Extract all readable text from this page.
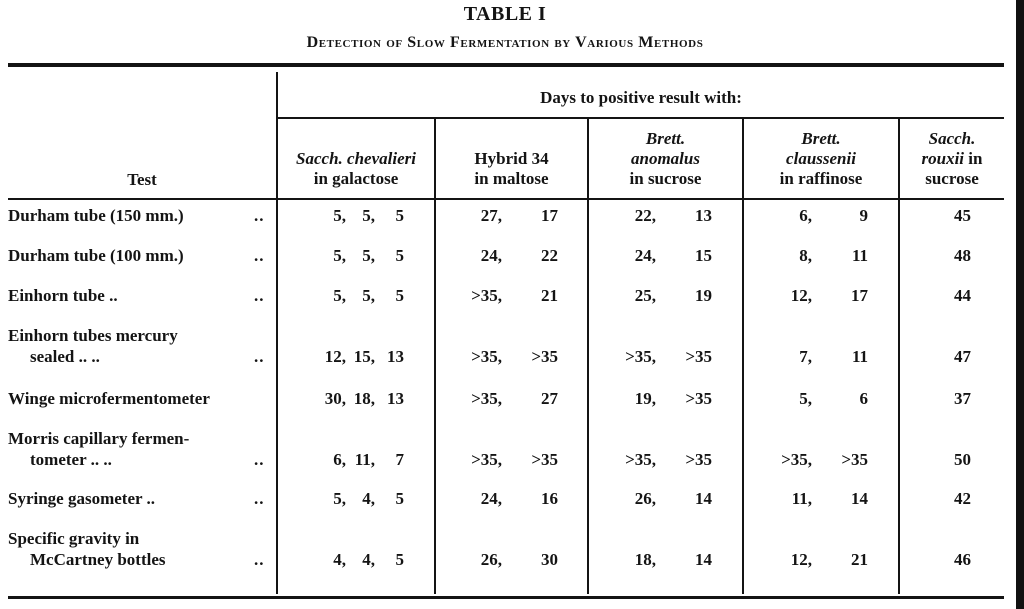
TABLE I
Detection of Slow Fermentation by Various Methods
Days to positive result with:
Test
Sacch. chevalieri
in galactose
Hybrid 34
in maltose
Brett.
anomalus
in sucrose
Brett.
claussenii
in raffinose
Sacch.
rouxii in
sucrose
Durham tube (150 mm.)	..	5, 5,	5	27,	17	22,	13	6,	9	45
Durham tube (100 mm.)	..	5, 5,	5	24,	22	24,	15	8,	11	48
Einhorn tube ..	..	5, 5,	5	>35,	21	25,	19	12,	17	44
Einhorn tubes mercury
sealed .. ..	..	12, 15, 13	>35,	>35	>35,	>35	7,	11	47
Winge microfermentometer	30, 18, 13	>35,	27	19,	>35	5,	6	37
Morris capillary fermen-
tometer .. ..	..	6, 11,	7	>35,	>35	>35,	>35	>35,	>35	50
Syringe gasometer ..	..	5, 4,	5	24,	16	26,	14	11,	14	42
Specific gravity in
McCartney bottles	..	4, 4,	5	26,	30	18,	14	12,	21	46
